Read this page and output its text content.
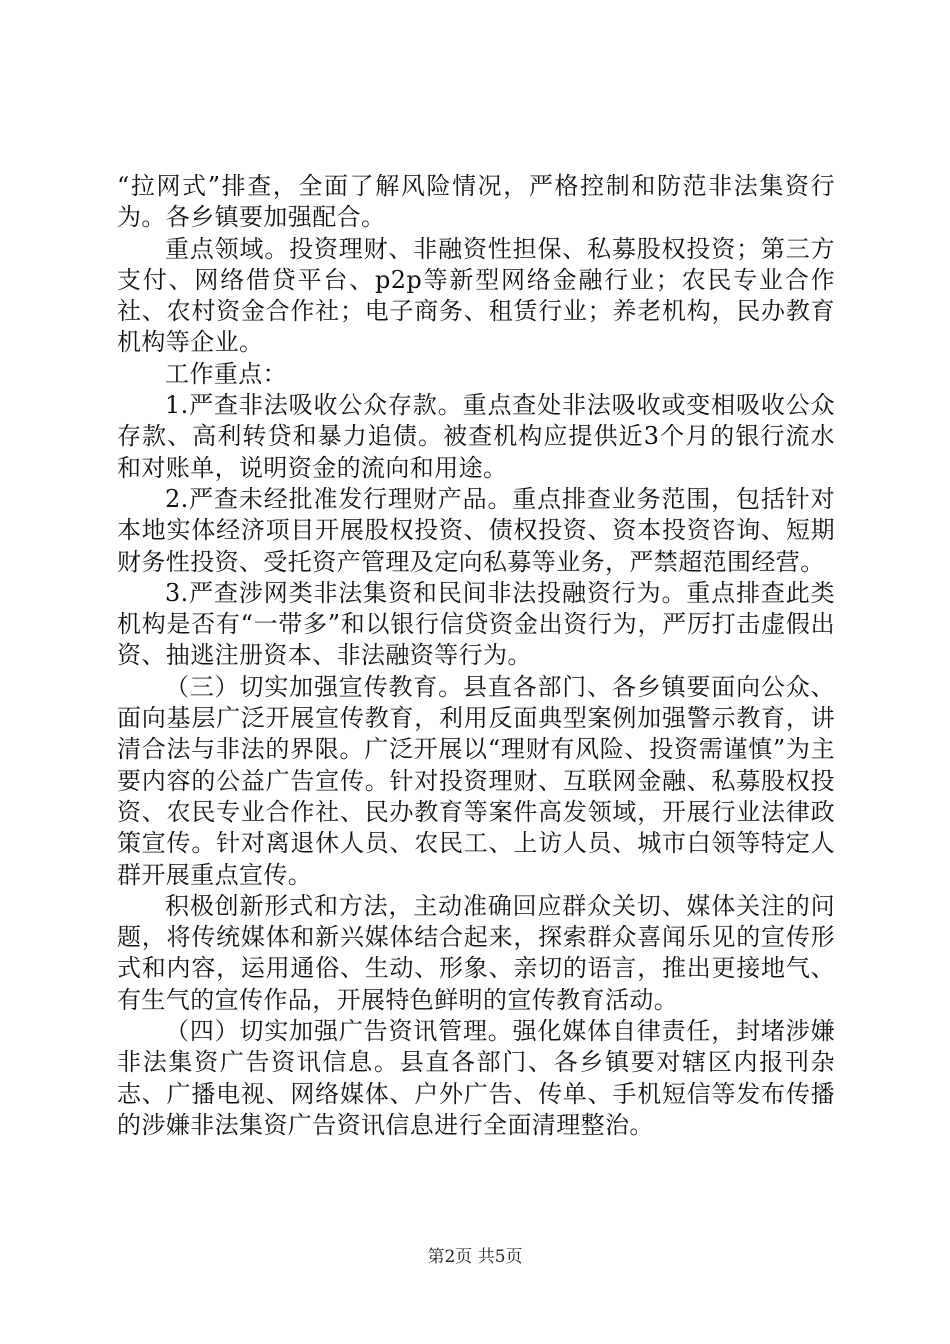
“拉网式”排查，全面了解风险情况，严格控制和防范非法集资行为。各乡镇要加强配合。

重点领域。投资理财、非融资性担保、私募股权投资；第三方支付、网络借贷平台、p2p等新型网络金融行业；农民专业合作社、农村资金合作社；电子商务、租赁行业；养老机构，民办教育机构等企业。

工作重点：

1.严查非法吸收公众存款。重点查处非法吸收或变相吸收公众存款、高利转贷和暴力追债。被查机构应提供近3个月的银行流水和对账单，说明资金的流向和用途。

2.严查未经批准发行理财产品。重点排查业务范围，包括针对本地实体经济项目开展股权投资、债权投资、资本投资咨询、短期财务性投资、受托资产管理及定向私募等业务，严禁超范围经营。

3.严查涉网类非法集资和民间非法投融资行为。重点排查此类机构是否有“一带多”和以银行信贷资金出资行为，严厉打击虚假出资、抽逃注册资本、非法融资等行为。

（三）切实加强宣传教育。县直各部门、各乡镇要面向公众、面向基层广泛开展宣传教育，利用反面典型案例加强警示教育，讲清合法与非法的界限。广泛开展以“理财有风险、投资需谨慎”为主要内容的公益广告宣传。针对投资理财、互联网金融、私募股权投资、农民专业合作社、民办教育等案件高发领域，开展行业法律政策宣传。针对离退休人员、农民工、上访人员、城市白领等特定人群开展重点宣传。

积极创新形式和方法，主动准确回应群众关切、媒体关注的问题，将传统媒体和新兴媒体结合起来，探索群众喜闻乐见的宣传形式和内容，运用通俗、生动、形象、亲切的语言，推出更接地气、有生气的宣传作品，开展特色鲜明的宣传教育活动。

（四）切实加强广告资讯管理。强化媒体自律责任，封堵涉嫌非法集资广告资讯信息。县直各部门、各乡镇要对辖区内报刊杂志、广播电视、网络媒体、户外广告、传单、手机短信等发布传播的涉嫌非法集资广告资讯信息进行全面清理整治。

第2页 共5页
